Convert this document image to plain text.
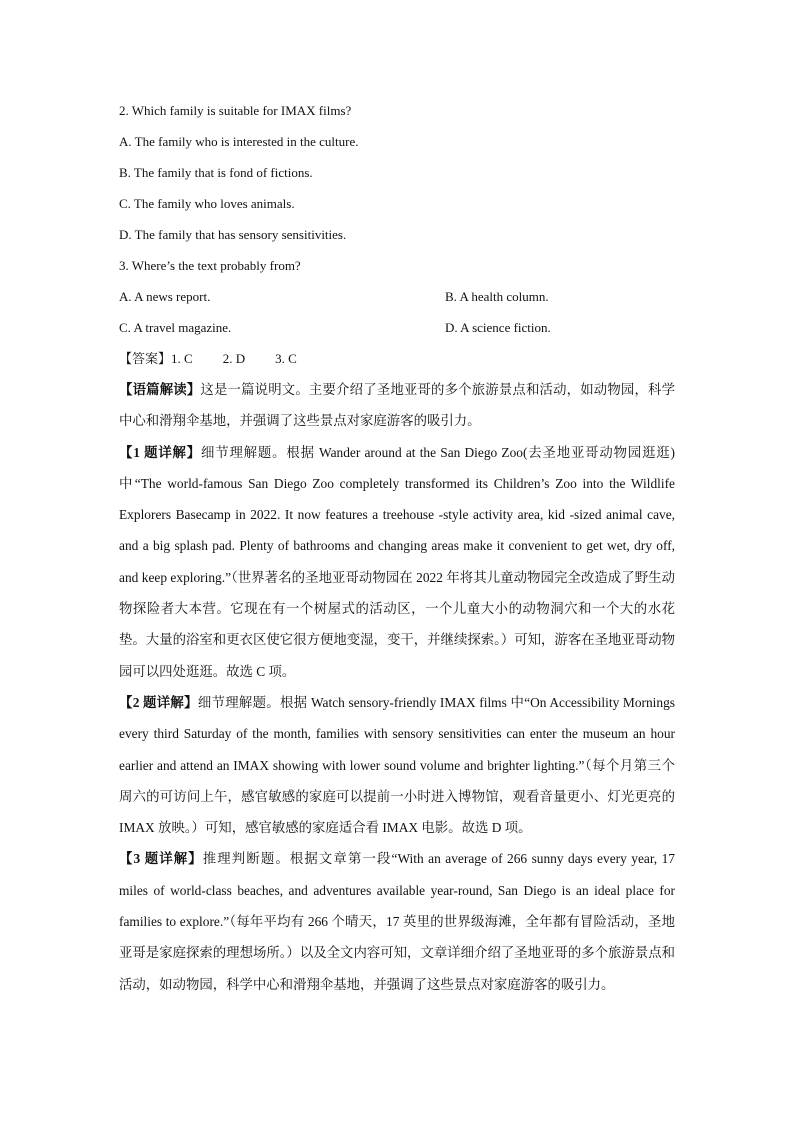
2. Which family is suitable for IMAX films?
A. The family who is interested in the culture.
B. The family that is fond of fictions.
C. The family who loves animals.
D. The family that has sensory sensitivities.
3. Where’s the text probably from?
A. A news report.	B. A health column.
C. A travel magazine.	D. A science fiction.
【答案】1. C 2. D 3. C
【语篇解读】这是一篇说明文。主要介绍了圣地亚哥的多个旅游景点和活动，如动物园，科学中心和滑翔伞基地，并强调了这些景点对家庭游客的吸引力。
【1 题详解】细节理解题。根据 Wander around at the San Diego Zoo(去圣地亚哥动物园逛逛)中“The world-famous San Diego Zoo completely transformed its Children’s Zoo into the Wildlife Explorers Basecamp in 2022. It now features a treehouse -style activity area, kid -sized animal cave, and a big splash pad. Plenty of bathrooms and changing areas make it convenient to get wet, dry off, and keep exploring.”（世界著名的圣地亚哥动物园在 2022 年将其儿童动物园完全改造成了野生动物探险者大本营。它现在有一个树屋式的活动区，一个儿童大小的动物洞穴和一个大的水花垫。大量的浴室和更衣区使它很方便地变湿，变干，并继续探索。）可知，游客在圣地亚哥动物园可以四处逛逛。故选 C 项。
【2 题详解】细节理解题。根据 Watch sensory-friendly IMAX films 中“On Accessibility Mornings every third Saturday of the month, families with sensory sensitivities can enter the museum an hour earlier and attend an IMAX showing with lower sound volume and brighter lighting.”（每个月第三个周六的可访问上午，感官敏感的家庭可以提前一小时进入博物馆，观看音量更小、灯光更亮的 IMAX 放映。）可知，感官敏感的家庭适合看 IMAX 电影。故选 D 项。
【3 题详解】推理判断题。根据文章第一段“With an average of 266 sunny days every year, 17 miles of world-class beaches, and adventures available year-round, San Diego is an ideal place for families to explore.”（每年平均有 266 个晴天，17 英里的世界级海滩，全年都有冒险活动，圣地亚哥是家庭探索的理想场所。）以及全文内容可知，文章详细介绍了圣地亚哥的多个旅游景点和活动，如动物园，科学中心和滑翔伞基地，并强调了这些景点对家庭游客的吸引力。
